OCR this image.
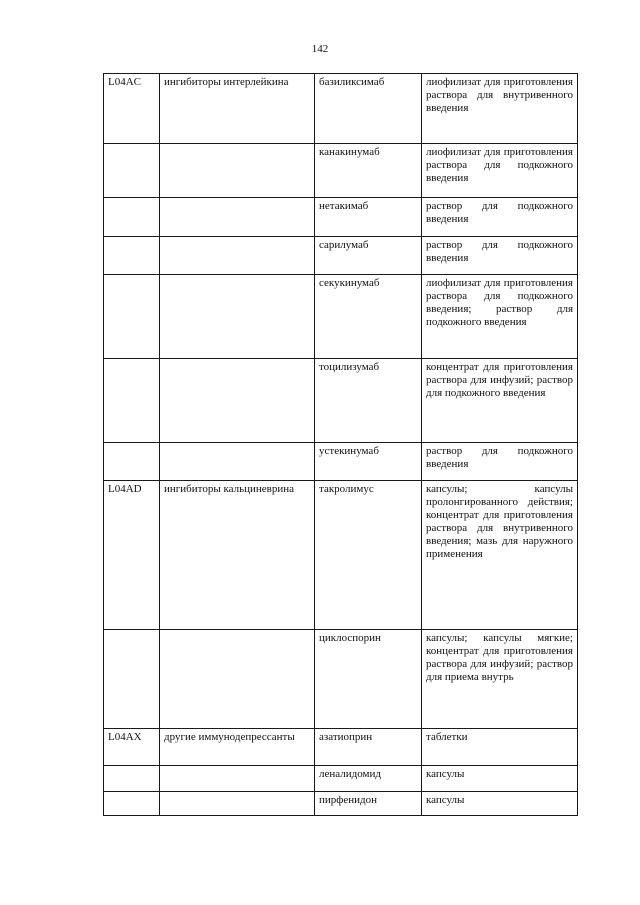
142
L04AC	ингибиторы интерлейкина	базиликсимаб	лиофилизат для приготовления раствора для внутривенного введения
		канакинумаб	лиофилизат для приготовления раствора для подкожного введения
		нетакимаб	раствор для подкожного введения
		сарилумаб	раствор для подкожного введения
		секукинумаб	лиофилизат для приготовления раствора для подкожного введения; раствор для подкожного введения
		тоцилизумаб	концентрат для приготовления раствора для инфузий; раствор для подкожного введения
		устекинумаб	раствор для подкожного введения
L04AD	ингибиторы кальциневрина	такролимус	капсулы; капсулы пролонгированного действия; концентрат для приготовления раствора для внутривенного введения; мазь для наружного применения
		циклоспорин	капсулы; капсулы мягкие; концентрат для приготовления раствора для инфузий; раствор для приема внутрь
L04AX	другие иммунодепрессанты	азатиоприн	таблетки
		леналидомид	капсулы
		пирфенидон	капсулы
